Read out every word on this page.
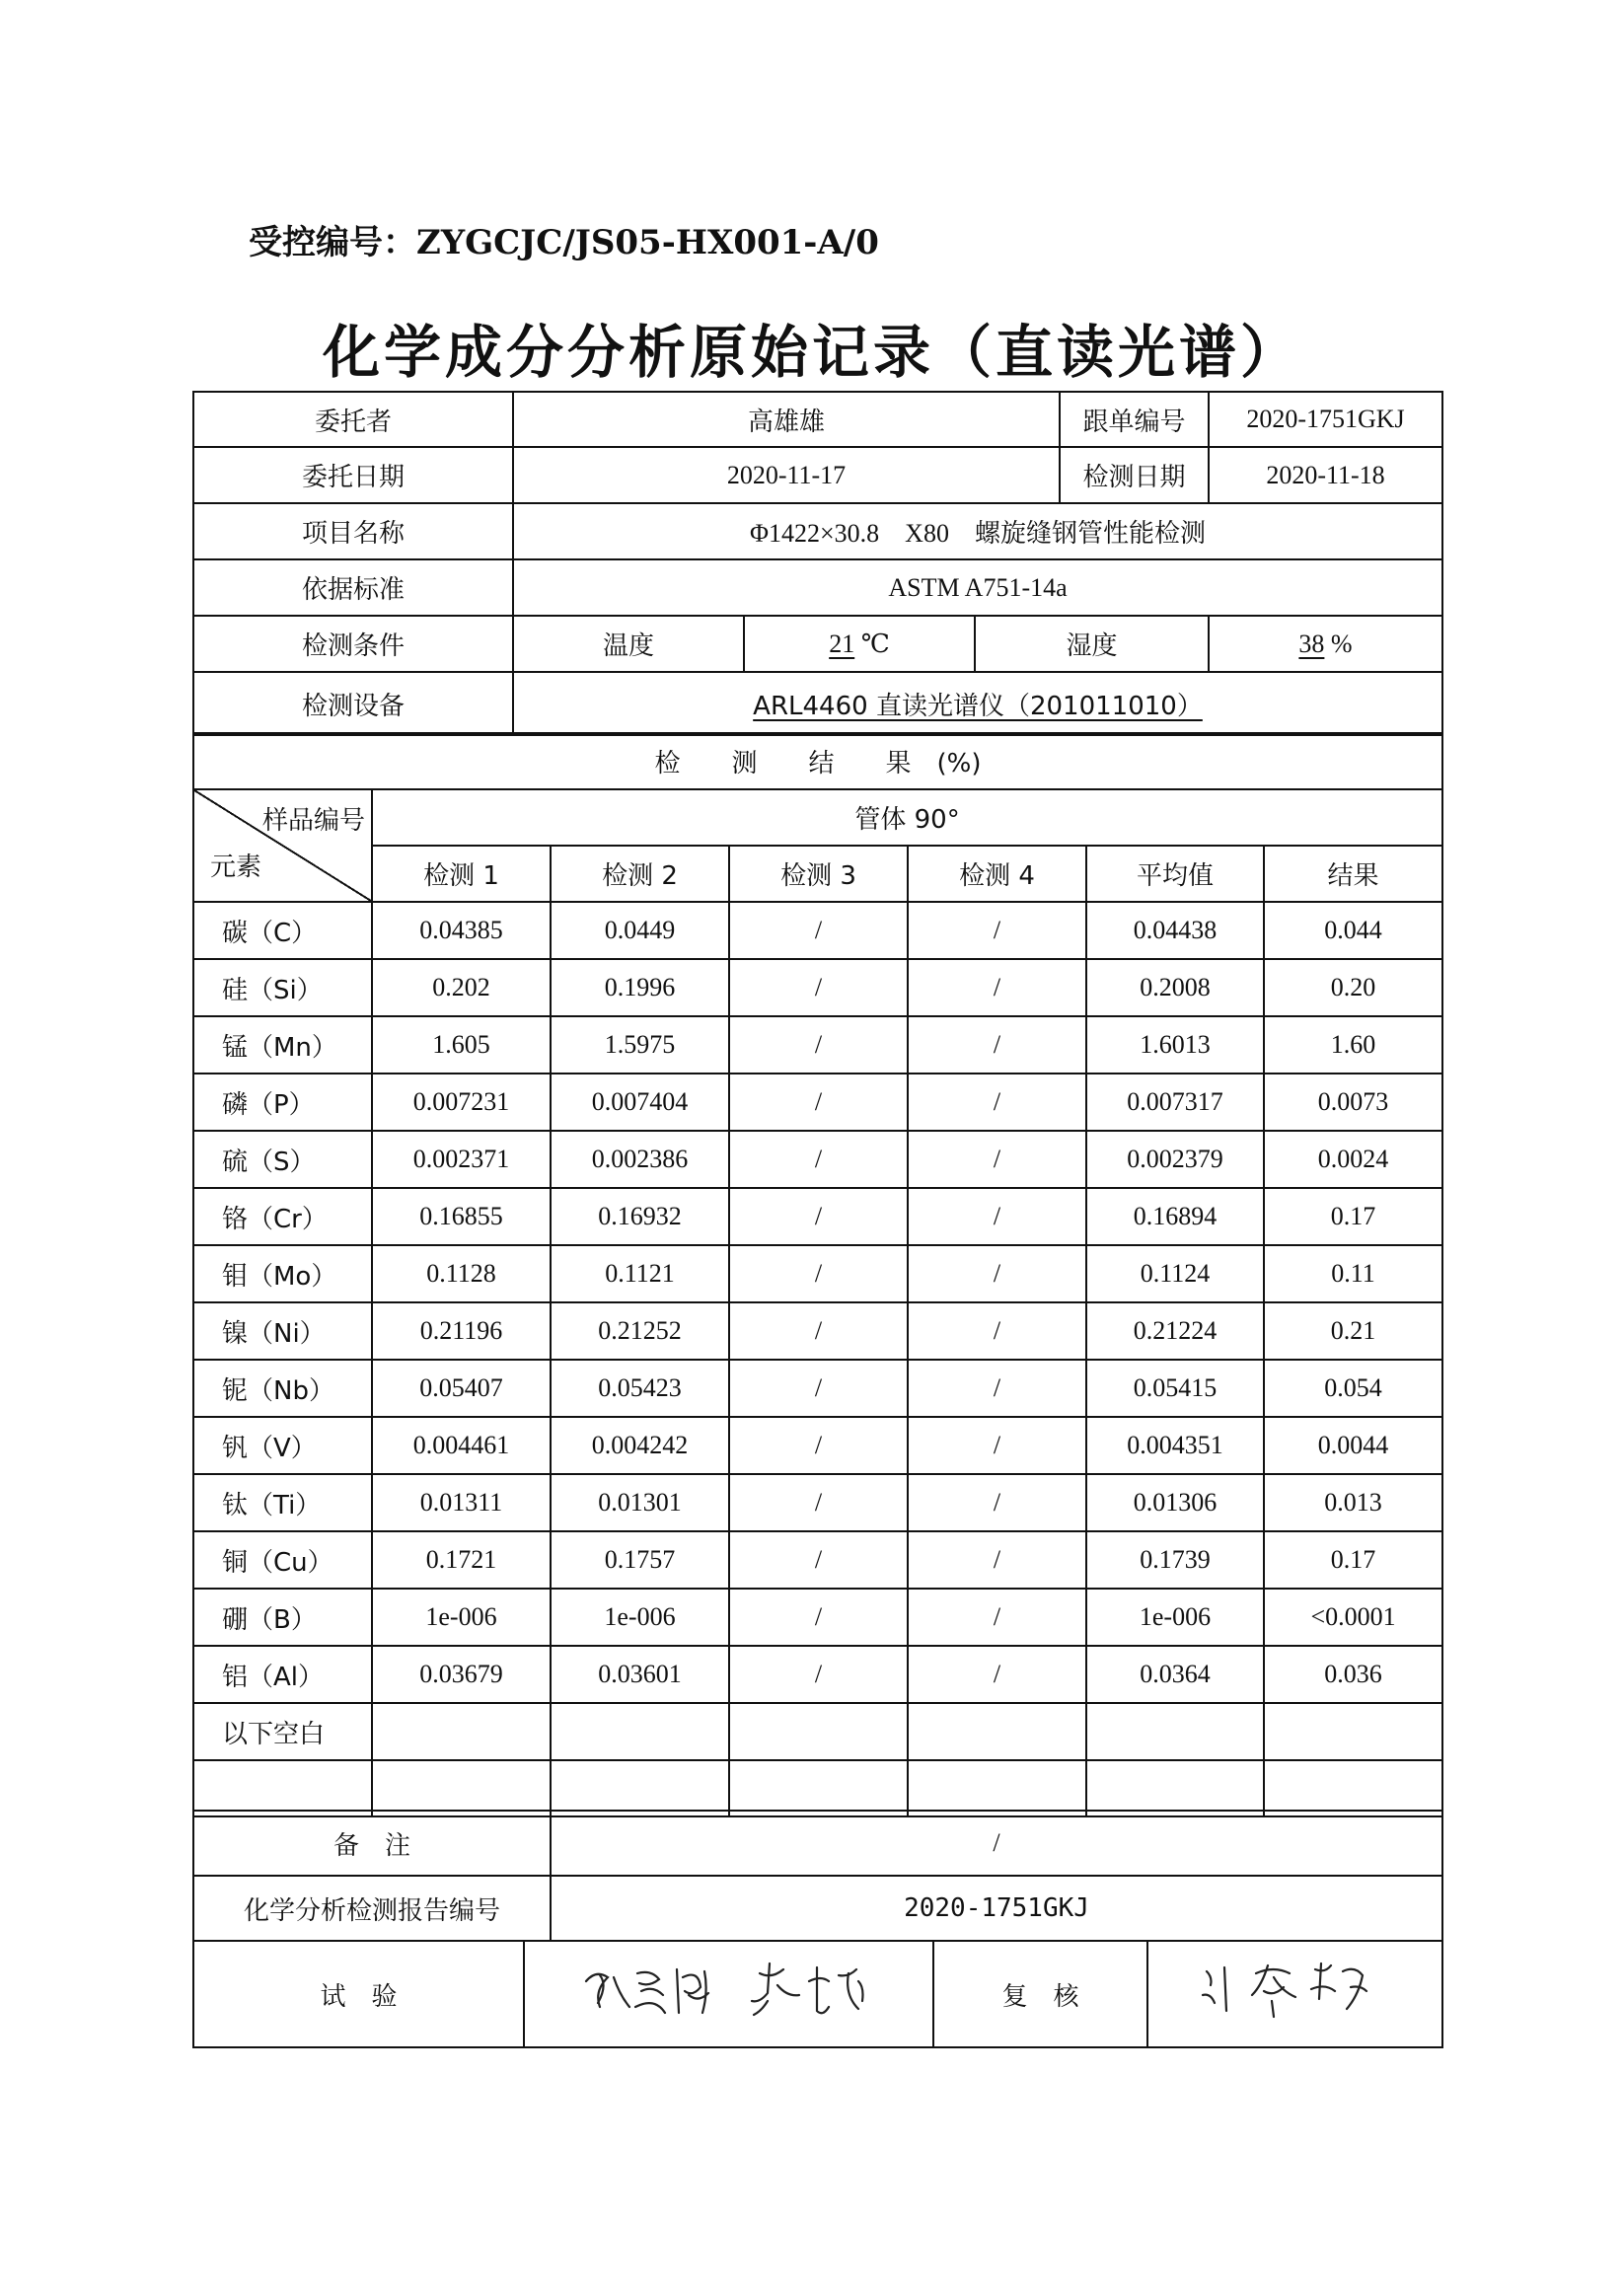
受控编号：ZYGCJC/JS05-HX001-A/0
化学成分分析原始记录（直读光谱）
委托者	高雄雄			跟单编号	2020-1751GKJ
委托日期	2020-11-17			检测日期	2020-11-18
项目名称	Φ1422×30.8　X80　螺旋缝钢管性能检测				
依据标准	ASTM A751-14a				
检测条件	温度	21 ℃	湿度		38 %
检测设备	ARL4460 直读光谱仪（201011010）				
检　　测　　结　　果　(%)						

样品编号
元素	管体 90°					
	检测 1	检测 2	检测 3	检测 4	平均值	结果
碳（C）	0.04385	0.0449	/	/	0.04438	0.044
硅（Si）	0.202	0.1996	/	/	0.2008	0.20
锰（Mn）	1.605	1.5975	/	/	1.6013	1.60
磷（P）	0.007231	0.007404	/	/	0.007317	0.0073
硫（S）	0.002371	0.002386	/	/	0.002379	0.0024
铬（Cr）	0.16855	0.16932	/	/	0.16894	0.17
钼（Mo）	0.1128	0.1121	/	/	0.1124	0.11
镍（Ni）	0.21196	0.21252	/	/	0.21224	0.21
铌（Nb）	0.05407	0.05423	/	/	0.05415	0.054
钒（V）	0.004461	0.004242	/	/	0.004351	0.0044
钛（Ti）	0.01311	0.01301	/	/	0.01306	0.013
铜（Cu）	0.1721	0.1757	/	/	0.1739	0.17
硼（B）	1e-006	1e-006	/	/	1e-006	<0.0001
铝（Al）	0.03679	0.03601	/	/	0.0364	0.036
以下空白						

备　注	/
化学分析检测报告编号	2020-1751GKJ
试　验		复　核	
